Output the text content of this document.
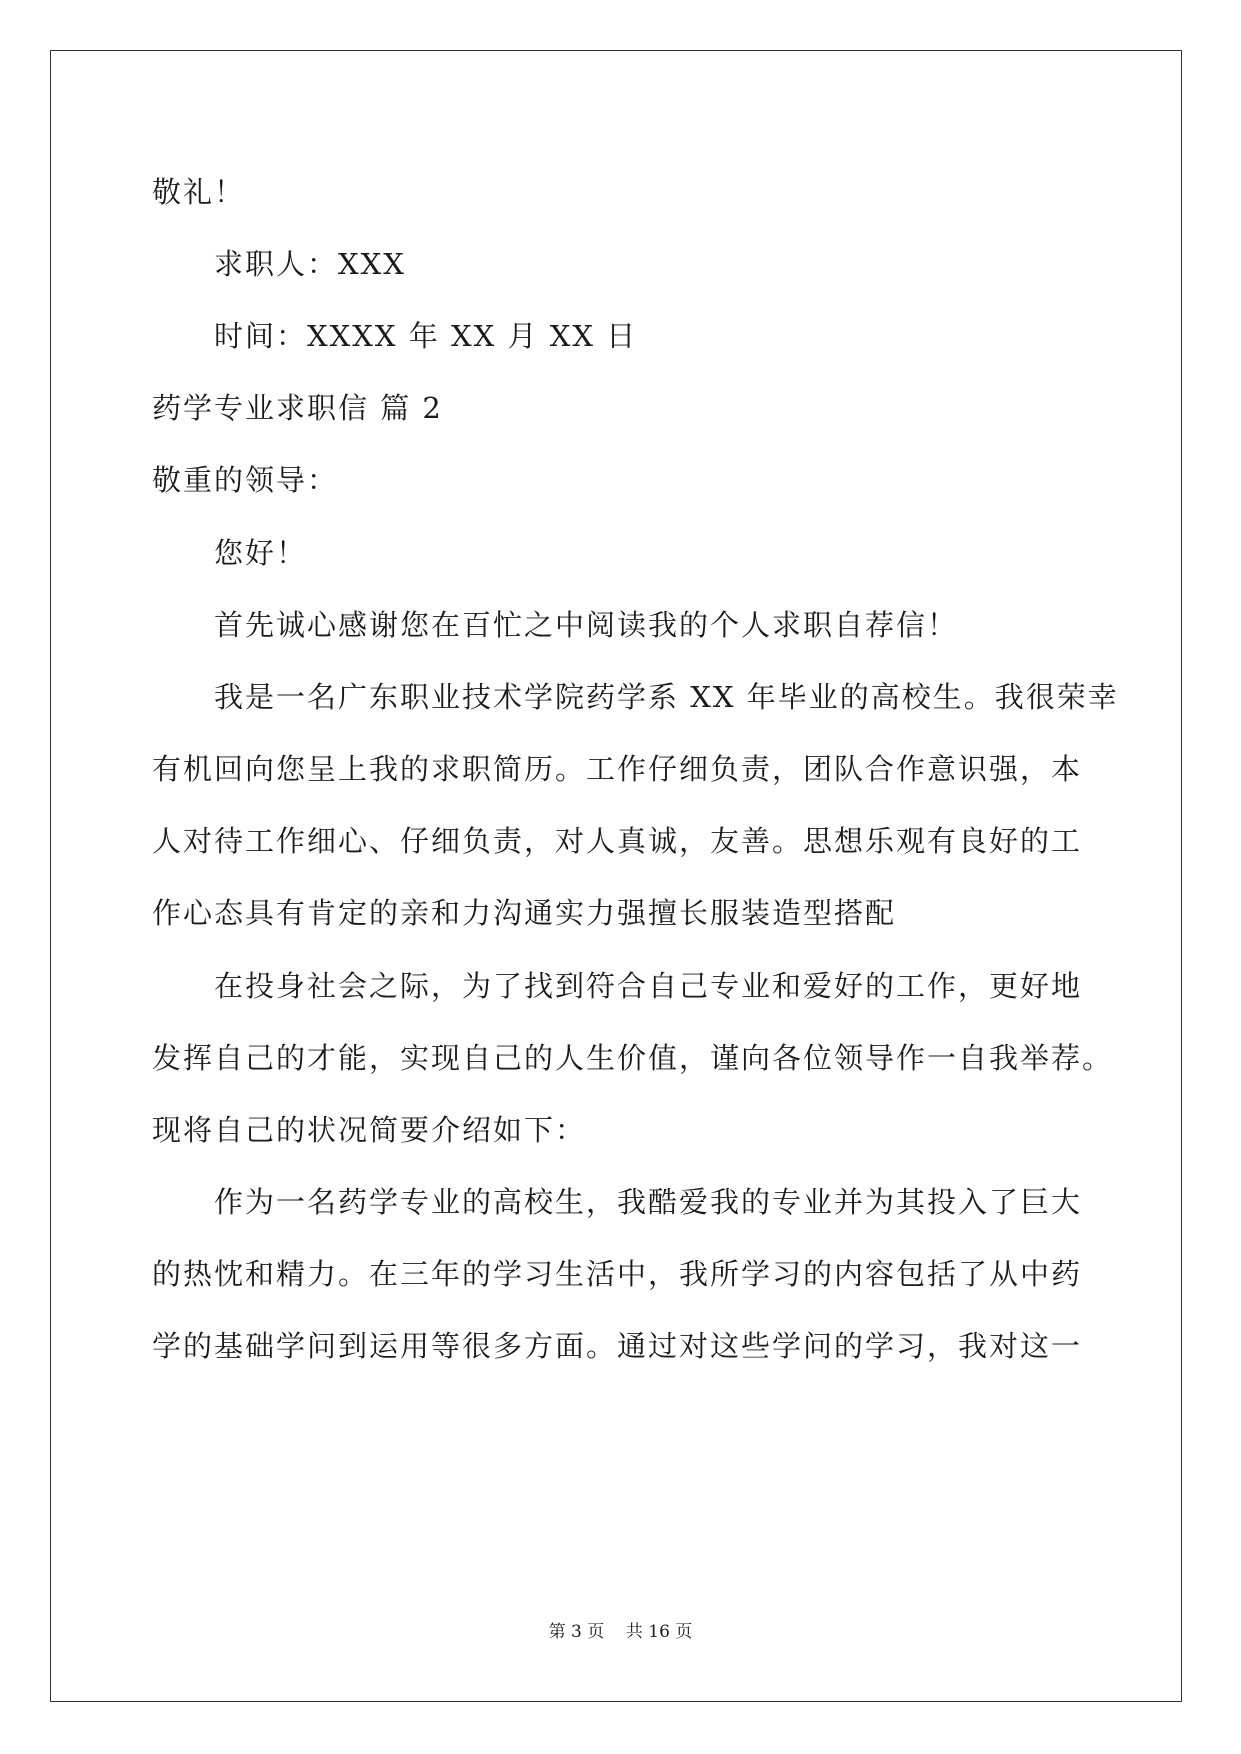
敬礼！
求职人：XXX
时间：XXXX 年 XX 月 XX 日
药学专业求职信 篇 2
敬重的领导：
您好！
首先诚心感谢您在百忙之中阅读我的个人求职自荐信！
我是一名广东职业技术学院药学系 XX 年毕业的高校生。我很荣幸
有机回向您呈上我的求职简历。工作仔细负责，团队合作意识强，本
人对待工作细心、仔细负责，对人真诚，友善。思想乐观有良好的工
作心态具有肯定的亲和力沟通实力强擅长服装造型搭配
在投身社会之际，为了找到符合自己专业和爱好的工作，更好地
发挥自己的才能，实现自己的人生价值，谨向各位领导作一自我举荐。
现将自己的状况简要介绍如下：
作为一名药学专业的高校生，我酷爱我的专业并为其投入了巨大
的热忱和精力。在三年的学习生活中，我所学习的内容包括了从中药
学的基础学问到运用等很多方面。通过对这些学问的学习，我对这一
第 3 页 共 16 页
